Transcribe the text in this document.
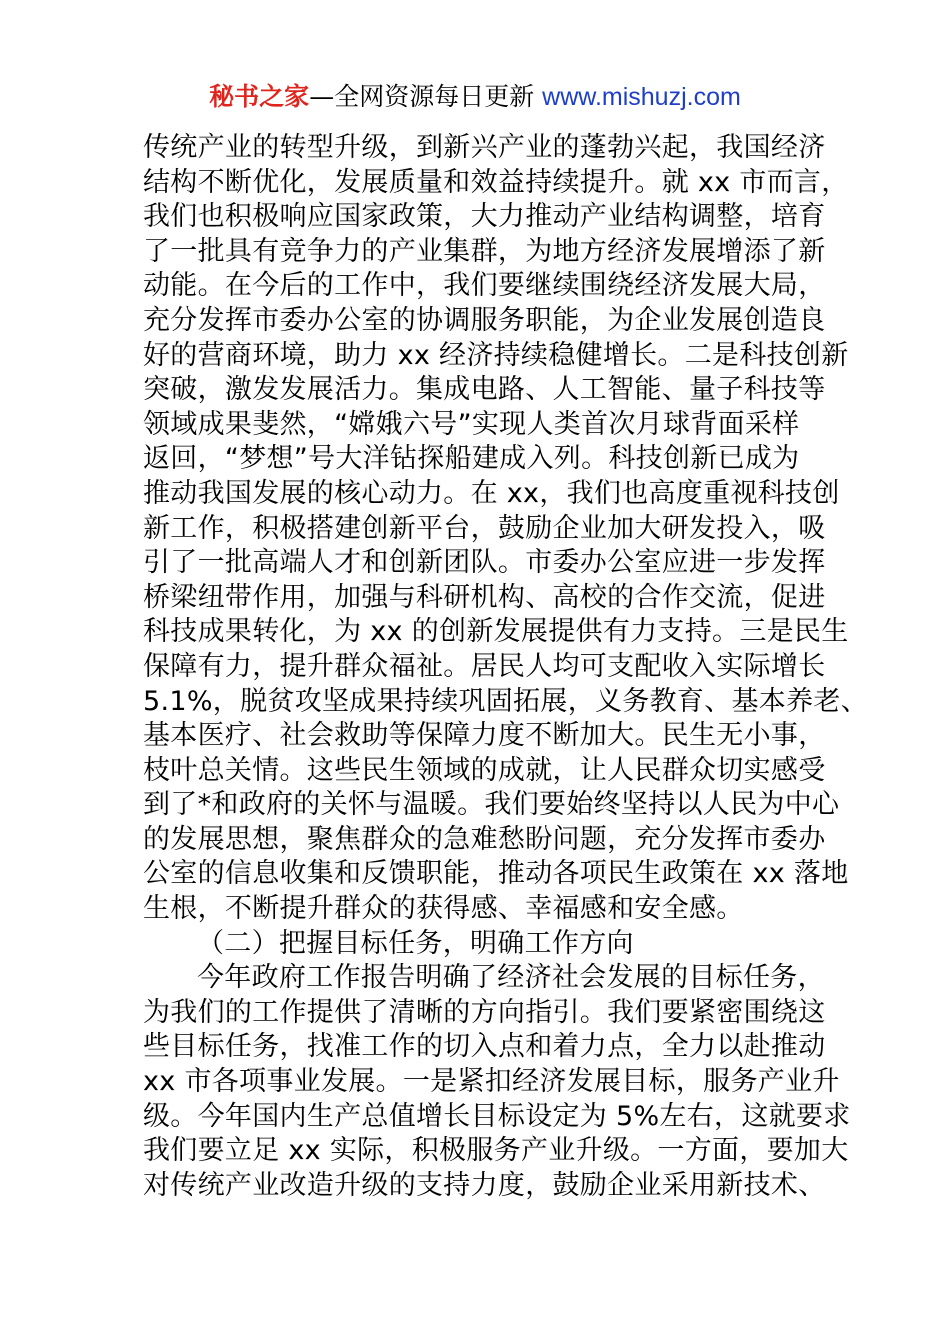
秘书之家—全网资源每日更新 www.mishuzj.com
传统产业的转型升级，到新兴产业的蓬勃兴起，我国经济
结构不断优化，发展质量和效益持续提升。就 xx 市而言，
我们也积极响应国家政策，大力推动产业结构调整，培育
了一批具有竞争力的产业集群，为地方经济发展增添了新
动能。在今后的工作中，我们要继续围绕经济发展大局，
充分发挥市委办公室的协调服务职能，为企业发展创造良
好的营商环境，助力 xx 经济持续稳健增长。二是科技创新
突破，激发发展活力。集成电路、人工智能、量子科技等
领域成果斐然，“嫦娥六号”实现人类首次月球背面采样
返回，“梦想”号大洋钻探船建成入列。科技创新已成为
推动我国发展的核心动力。在 xx，我们也高度重视科技创
新工作，积极搭建创新平台，鼓励企业加大研发投入，吸
引了一批高端人才和创新团队。市委办公室应进一步发挥
桥梁纽带作用，加强与科研机构、高校的合作交流，促进
科技成果转化，为 xx 的创新发展提供有力支持。三是民生
保障有力，提升群众福祉。居民人均可支配收入实际增长
5.1%，脱贫攻坚成果持续巩固拓展，义务教育、基本养老、
基本医疗、社会救助等保障力度不断加大。民生无小事，
枝叶总关情。这些民生领域的成就，让人民群众切实感受
到了*和政府的关怀与温暖。我们要始终坚持以人民为中心
的发展思想，聚焦群众的急难愁盼问题，充分发挥市委办
公室的信息收集和反馈职能，推动各项民生政策在 xx 落地
生根，不断提升群众的获得感、幸福感和安全感。
（二）把握目标任务，明确工作方向
今年政府工作报告明确了经济社会发展的目标任务，
为我们的工作提供了清晰的方向指引。我们要紧密围绕这
些目标任务，找准工作的切入点和着力点，全力以赴推动
xx 市各项事业发展。一是紧扣经济发展目标，服务产业升
级。今年国内生产总值增长目标设定为 5%左右，这就要求
我们要立足 xx 实际，积极服务产业升级。一方面，要加大
对传统产业改造升级的支持力度，鼓励企业采用新技术、
